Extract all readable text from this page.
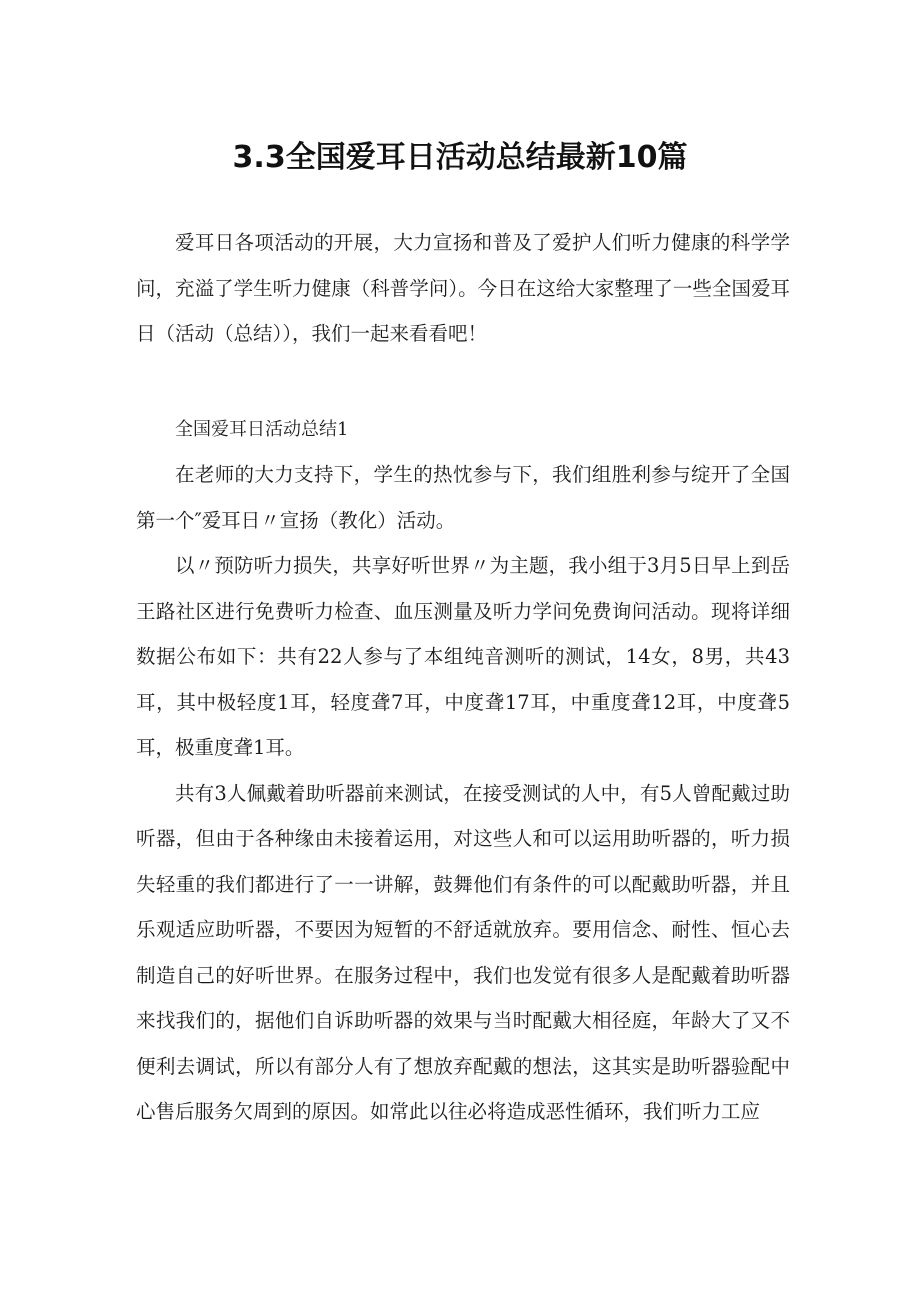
3.3全国爱耳日活动总结最新10篇

爱耳日各项活动的开展，大力宣扬和普及了爱护人们听力健康的科学学问，充溢了学生听力健康（科普学问）。今日在这给大家整理了一些全国爱耳日（活动（总结）），我们一起来看看吧！

全国爱耳日活动总结1

在老师的大力支持下，学生的热忱参与下，我们组胜利参与绽开了全国第一个″爱耳日〃宣扬（教化）活动。

以〃预防听力损失，共享好听世界〃为主题，我小组于3月5日早上到岳王路社区进行免费听力检查、血压测量及听力学问免费询问活动。现将详细数据公布如下：共有22人参与了本组纯音测听的测试，14女，8男，共43耳，其中极轻度1耳，轻度聋7耳，中度聋17耳，中重度聋12耳，中度聋5耳，极重度聋1耳。

共有3人佩戴着助听器前来测试，在接受测试的人中，有5人曾配戴过助听器，但由于各种缘由未接着运用，对这些人和可以运用助听器的，听力损失轻重的我们都进行了一一讲解，鼓舞他们有条件的可以配戴助听器，并且乐观适应助听器，不要因为短暂的不舒适就放弃。要用信念、耐性、恒心去制造自己的好听世界。在服务过程中，我们也发觉有很多人是配戴着助听器来找我们的，据他们自诉助听器的效果与当时配戴大相径庭，年龄大了又不便利去调试，所以有部分人有了想放弃配戴的想法，这其实是助听器验配中心售后服务欠周到的原因。如常此以往必将造成恶性循环，我们听力工应
